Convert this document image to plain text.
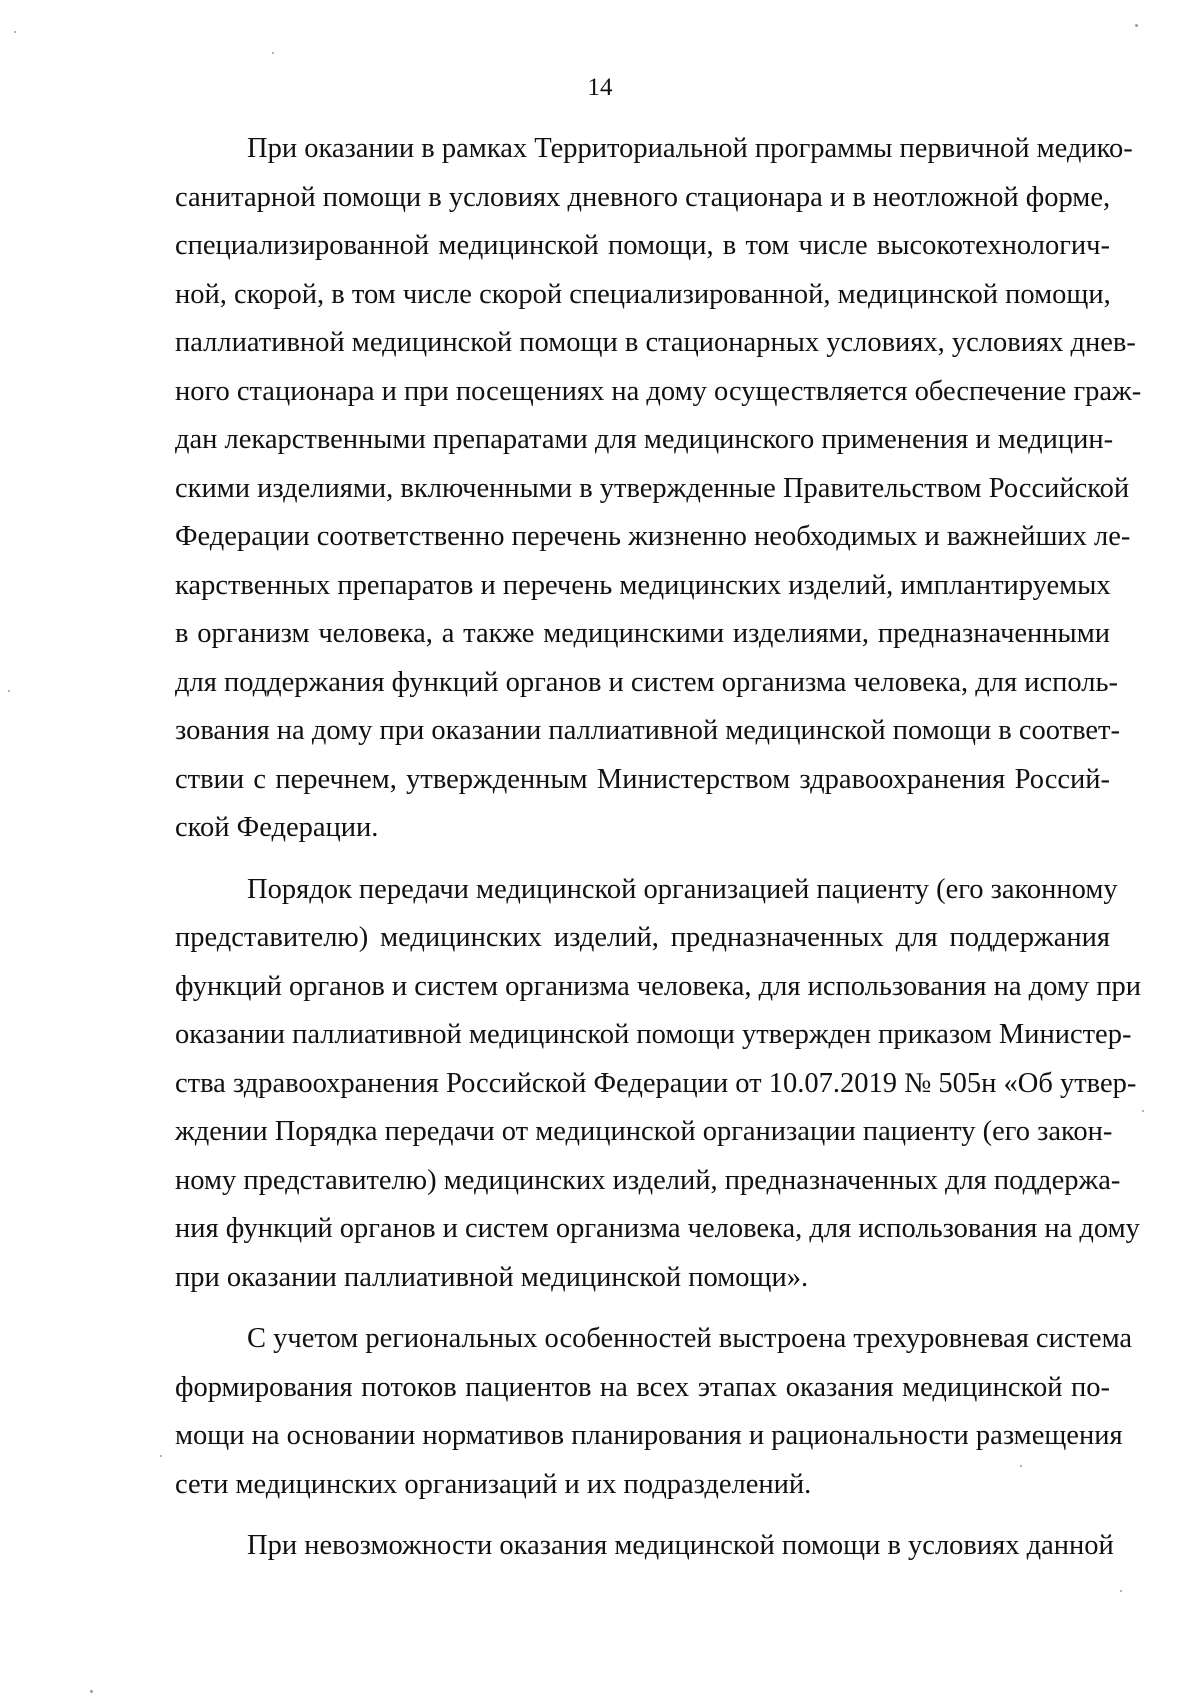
14
При оказании в рамках Территориальной программы первичной медико-
санитарной помощи в условиях дневного стационара и в неотложной форме,
специализированной медицинской помощи, в том числе высокотехнологич-
ной, скорой, в том числе скорой специализированной, медицинской помощи,
паллиативной медицинской помощи в стационарных условиях, условиях днев-
ного стационара и при посещениях на дому осуществляется обеспечение граж-
дан лекарственными препаратами для медицинского применения и медицин-
скими изделиями, включенными в утвержденные Правительством Российской
Федерации соответственно перечень жизненно необходимых и важнейших ле-
карственных препаратов и перечень медицинских изделий, имплантируемых
в организм человека, а также медицинскими изделиями, предназначенными
для поддержания функций органов и систем организма человека, для исполь-
зования на дому при оказании паллиативной медицинской помощи в соответ-
ствии с перечнем, утвержденным Министерством здравоохранения Россий-
ской Федерации.
Порядок передачи медицинской организацией пациенту (его законному
представителю) медицинских изделий, предназначенных для поддержания
функций органов и систем организма человека, для использования на дому при
оказании паллиативной медицинской помощи утвержден приказом Министер-
ства здравоохранения Российской Федерации от 10.07.2019 № 505н «Об утвер-
ждении Порядка передачи от медицинской организации пациенту (его закон-
ному представителю) медицинских изделий, предназначенных для поддержа-
ния функций органов и систем организма человека, для использования на дому
при оказании паллиативной медицинской помощи».
С учетом региональных особенностей выстроена трехуровневая система
формирования потоков пациентов на всех этапах оказания медицинской по-
мощи на основании нормативов планирования и рациональности размещения
сети медицинских организаций и их подразделений.
При невозможности оказания медицинской помощи в условиях данной
